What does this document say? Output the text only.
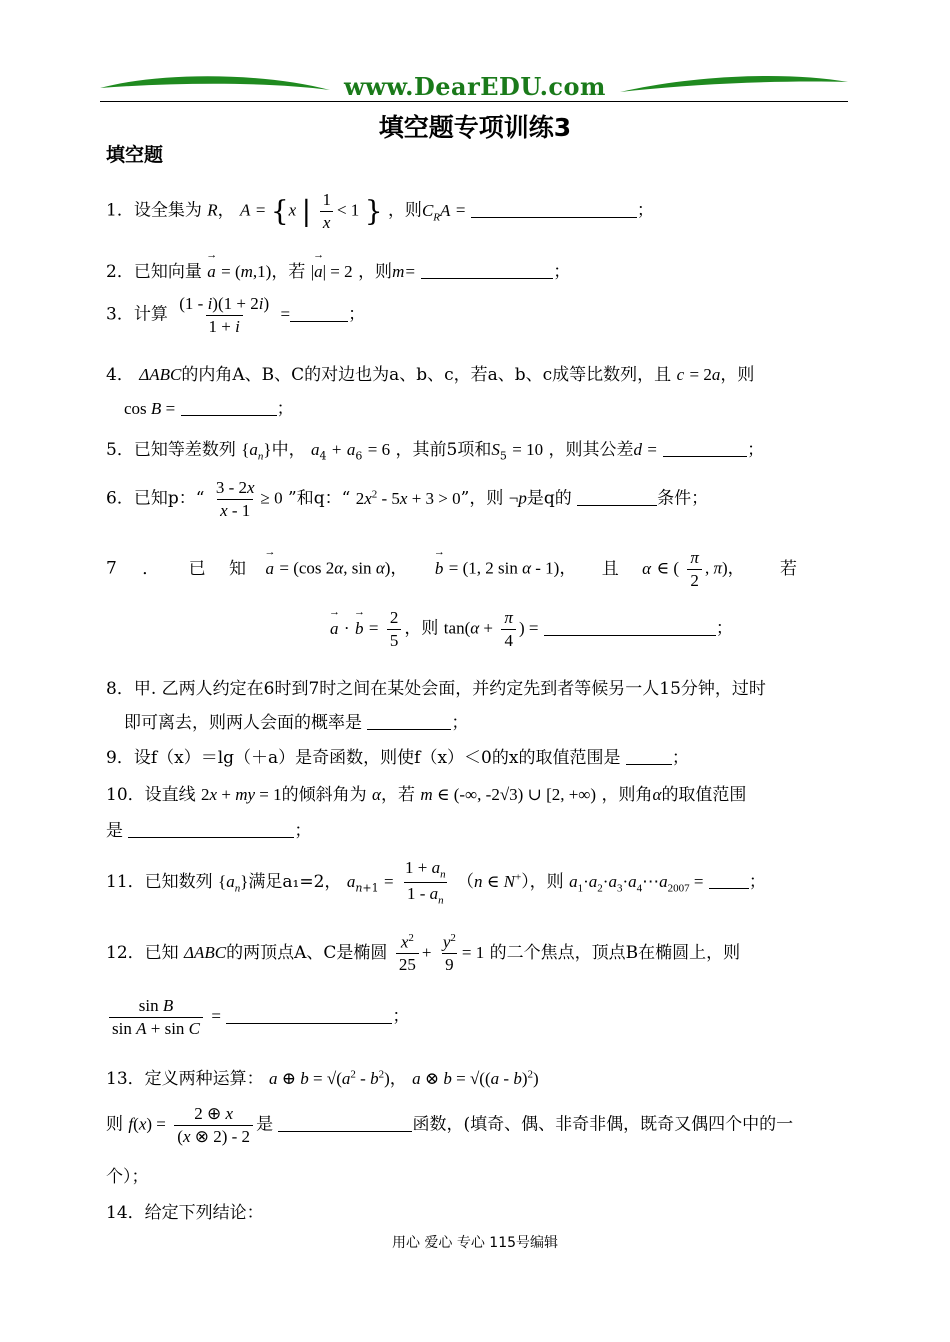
www.DearEDU.com
填空题专项训练3
填空题
1．设全集为 R， A = {x | $\frac{1}{x} < 1$ } ，则$C_RA$ =	；
2．已知向量 → a = (m,1)，若 |→ a| = 2 ，则m=	；
3．计算 $\frac{(1 - i)(1 + 2i)}{1 + i}$ =	；
4． ΔABC的内角A、B、C的对边也为a、b、c，若a、b、c成等比数列，且 c = 2a，则
cos B =	；
5．已知等差数列 $\{a_n\}$中， $a_4 + a_6 = 6$ ，其前5项和$S_5 = 10$ ，则其公差d =	；
6．已知p：“ $\frac{3 - 2x}{x - 1} \ge 0$ ”和q：“ $2x^2 - 5x + 3 > 0$”，则 ¬p是q的	条件；
7 ． 已 知 → a = (cos 2α, sin α)， → b = (1, 2 sin α - 1)， 且 α ∈ ( $\frac{\pi}{2}$ , π)， 若
→ a · → $b = \frac{2}{5}$ ，则 $\tan(\alpha + \frac{\pi}{4}$ ) =	；
8．甲. 乙两人约定在6时到7时之间在某处会面，并约定先到者等候另一人15分钟，过时
即可离去，则两人会面的概率是	；
9．设f（x）＝lg（＋a）是奇函数，则使f（x）＜0的x的取值范围是	；
10．设直线 2x + my = 1的倾斜角为 α，若 m ∈ (-∞, -2√3) ∪ [2, +∞) ，则角α的取值范围
是	；
11．已知数列 $\{a_n\}$满足a₁=2， $a_{n+1} = \frac{1 + a_n}{1 - a_n} (n$ ∈ N+），则 $a_1\cdot a_2\cdot a_3\cdot a_4\cdots a_{2007}$ =	；
12．已知 ΔABC的两顶点A、C是椭圆 $\frac{x^2}{25} + \frac{y^2}{9} = 1$ 的二个焦点，顶点B在椭圆上，则
$\frac{\text{sin B}}{\text{sin A + sin C}}$ =	；
13．定义两种运算： a ⊕ $b = √(a^2 - b^2)$， a ⊗ b = √((a - b)$^2$)
则 $f(x) = \frac{2 \oplus x}{(x \otimes 2) - 2}$ 是	函数，(填奇、偶、非奇非偶，既奇又偶四个中的一
个）；
14．给定下列结论：
用心 爱心 专心 115号编辑
